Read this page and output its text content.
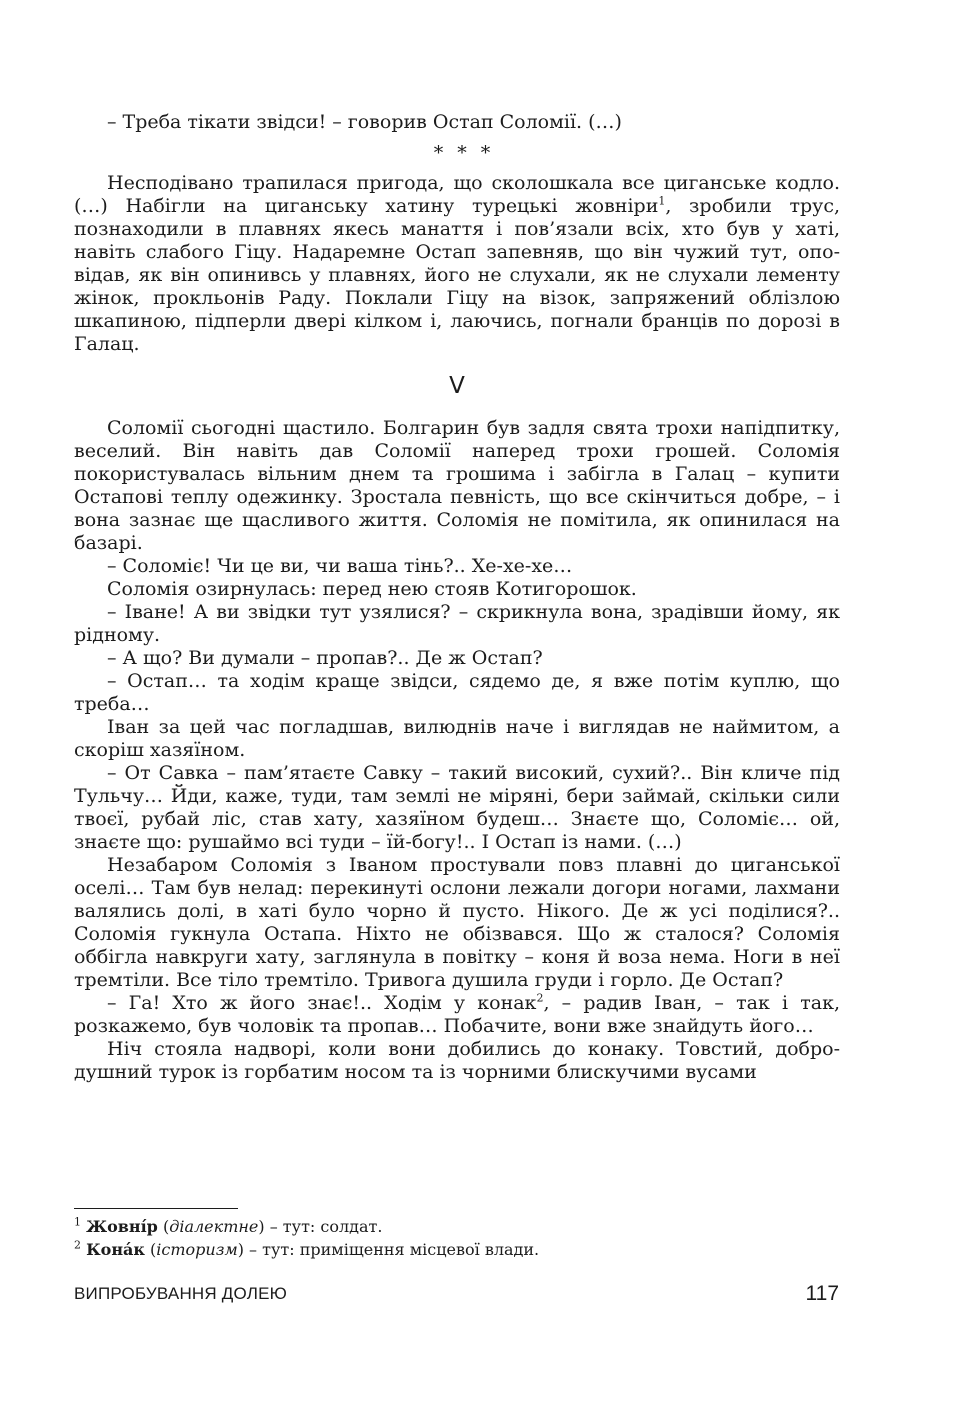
– Треба тікати звідси! – говорив Остап Соломії. (…)

* * *

Несподівано трапилася пригода, що сколошкала все циганське кодло. (…) Набігли на циганську хатину турецькі жовніри$^1$, зробили трус, познаходили в плавнях якесь манаття і пов’язали всіх, хто був у хаті, навіть слабого Гіцу. Надаремне Остап запевняв, що він чужий тут, оповідав, як він опинивсь у плавнях, його не слухали, як не слухали лементу жінок, прокльонів Раду. Поклали Гіцу на візок, запряжений облізлою шкапиною, підперли двері кілком і, лаючись, погнали бранців по дорозі в Галац.

V

Соломії сьогодні щастило. Болгарин був задля свята трохи напідпитку, веселий. Він навіть дав Соломії наперед трохи грошей. Соломія покористувалась вільним днем та грошима і забігла в Галац – купити Остапові теплу одежинку. Зростала певність, що все скінчиться добре, – і вона зазнає ще щасливого життя. Соломія не помітила, як опинилася на базарі.

– Соломіє! Чи це ви, чи ваша тінь?.. Хе-хе-хе…

Соломія озирнулась: перед нею стояв Котигорошок.

– Іване! А ви звідки тут узялися? – скрикнула вона, зрадівши йому, як рідному.

– А що? Ви думали – пропав?.. Де ж Остап?

– Остап… та ходім краще звідси, сядемо де, я вже потім куплю, що треба…

Іван за цей час погладшав, вилюднів наче і виглядав не наймитом, а скоріш хазяїном.

– От Савка – пам’ятаєте Савку – такий високий, сухий?.. Він кличе під Тульчу… Йди, каже, туди, там землі не міряні, бери займай, скільки сили твоєї, рубай ліс, став хату, хазяїном будеш… Знаєте що, Соломіє… ой, знаєте що: рушаймо всі туди – їй-богу!.. І Остап із нами. (…)

Незабаром Соломія з Іваном простували повз плавні до циганської оселі… Там був нелад: перекинуті ослони лежали догори ногами, лахмани валялись долі, в хаті було чорно й пусто. Нікого. Де ж усі поділися?.. Соломія гукнула Остапа. Ніхто не обізвався. Що ж сталося? Соломія оббігла навкруги хату, заглянула в повітку – коня й воза нема. Ноги в неї тремтіли. Все тіло тремтіло. Тривога душила груди і горло. Де Остап?

– Га! Хто ж його знає!.. Ходім у конак$^2$, – радив Іван, – так і так, розкажемо, був чоловік та пропав… Побачите, вони вже знайдуть його…

Ніч стояла надворі, коли вони добились до конаку. Товстий, добродушний турок із горбатим носом та із чорними блискучими вусами

$^1$ Жовні́р (діалектне) – тут: солдат.

$^2$ Кона́к (історизм) – тут: приміщення місцевої влади.

ВИПРОБУВАННЯ ДОЛЕЮ	117
